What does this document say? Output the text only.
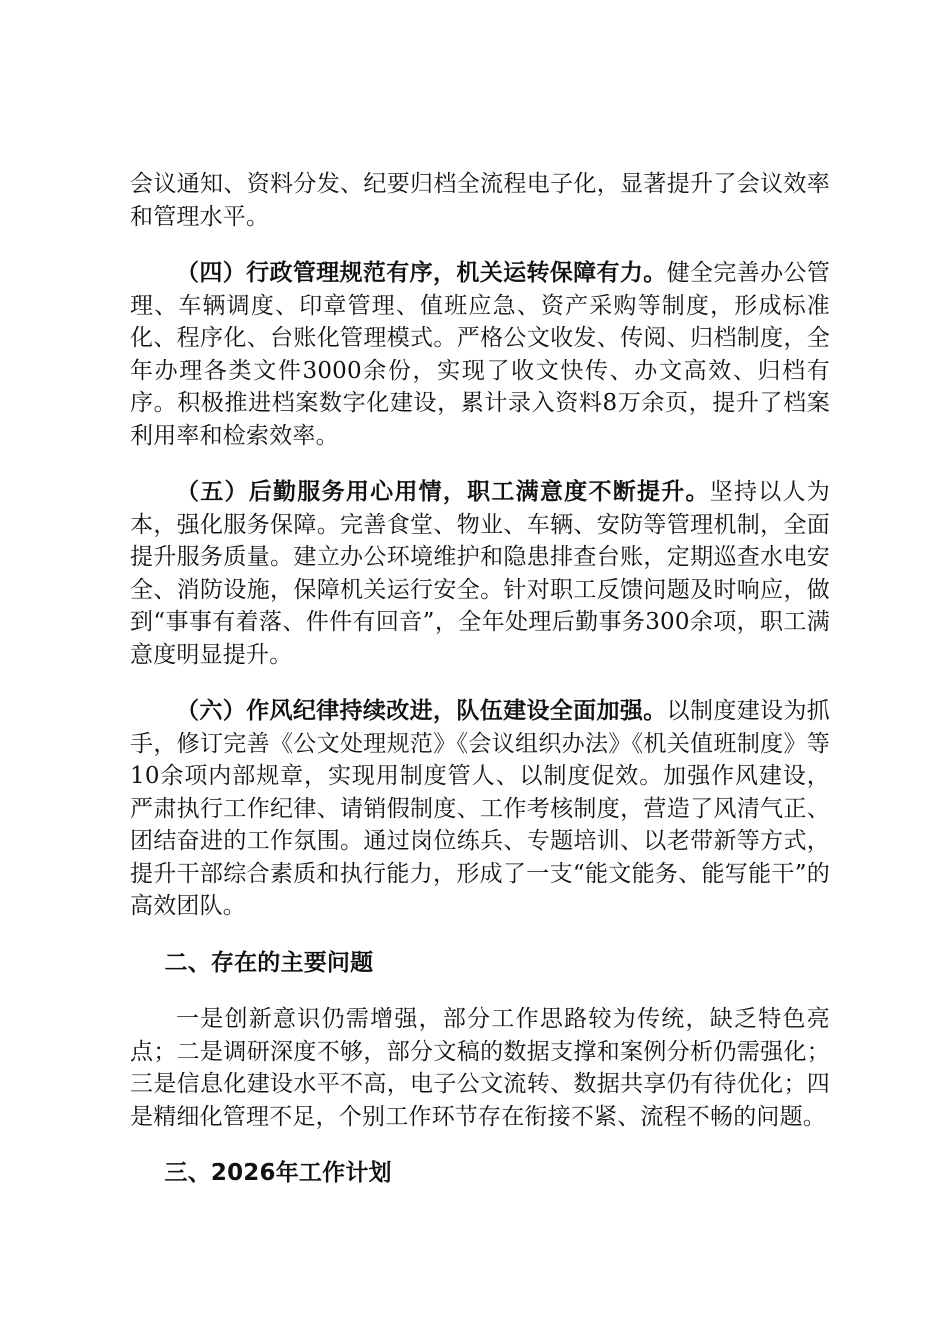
会议通知、资料分发、纪要归档全流程电子化，显著提升了会议效率和管理水平。

（四）行政管理规范有序，机关运转保障有力。健全完善办公管理、车辆调度、印章管理、值班应急、资产采购等制度，形成标准化、程序化、台账化管理模式。严格公文收发、传阅、归档制度，全年办理各类文件3000余份，实现了收文快传、办文高效、归档有序。积极推进档案数字化建设，累计录入资料8万余页，提升了档案利用率和检索效率。

（五）后勤服务用心用情，职工满意度不断提升。坚持以人为本，强化服务保障。完善食堂、物业、车辆、安防等管理机制，全面提升服务质量。建立办公环境维护和隐患排查台账，定期巡查水电安全、消防设施，保障机关运行安全。针对职工反馈问题及时响应，做到“事事有着落、件件有回音”，全年处理后勤事务300余项，职工满意度明显提升。

（六）作风纪律持续改进，队伍建设全面加强。以制度建设为抓手，修订完善《公文处理规范》《会议组织办法》《机关值班制度》等10余项内部规章，实现用制度管人、以制度促效。加强作风建设，严肃执行工作纪律、请销假制度、工作考核制度，营造了风清气正、团结奋进的工作氛围。通过岗位练兵、专题培训、以老带新等方式，提升干部综合素质和执行能力，形成了一支“能文能务、能写能干”的高效团队。

二、存在的主要问题

一是创新意识仍需增强，部分工作思路较为传统，缺乏特色亮点；二是调研深度不够，部分文稿的数据支撑和案例分析仍需强化；三是信息化建设水平不高，电子公文流转、数据共享仍有待优化；四是精细化管理不足，个别工作环节存在衔接不紧、流程不畅的问题。

三、2026年工作计划
